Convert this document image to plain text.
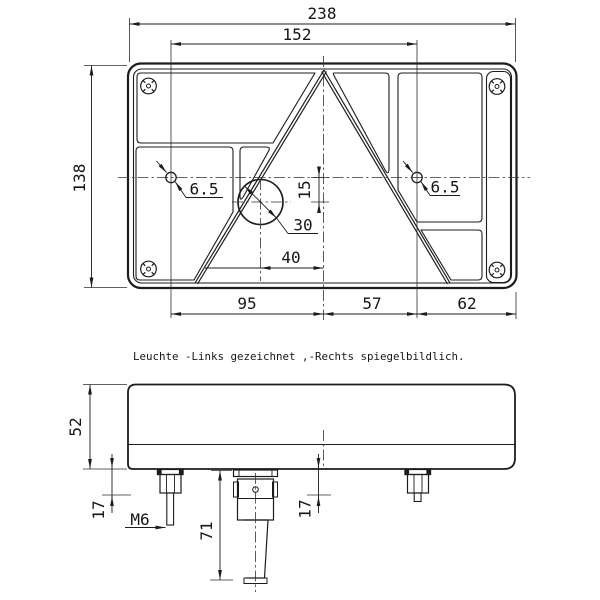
238
152
138	6.5	6.5
30
40
15
95	57	62
Leuchte -Links gezeichnet ,-Rechts spiegelbildlich.
52
17 M6
71
17
